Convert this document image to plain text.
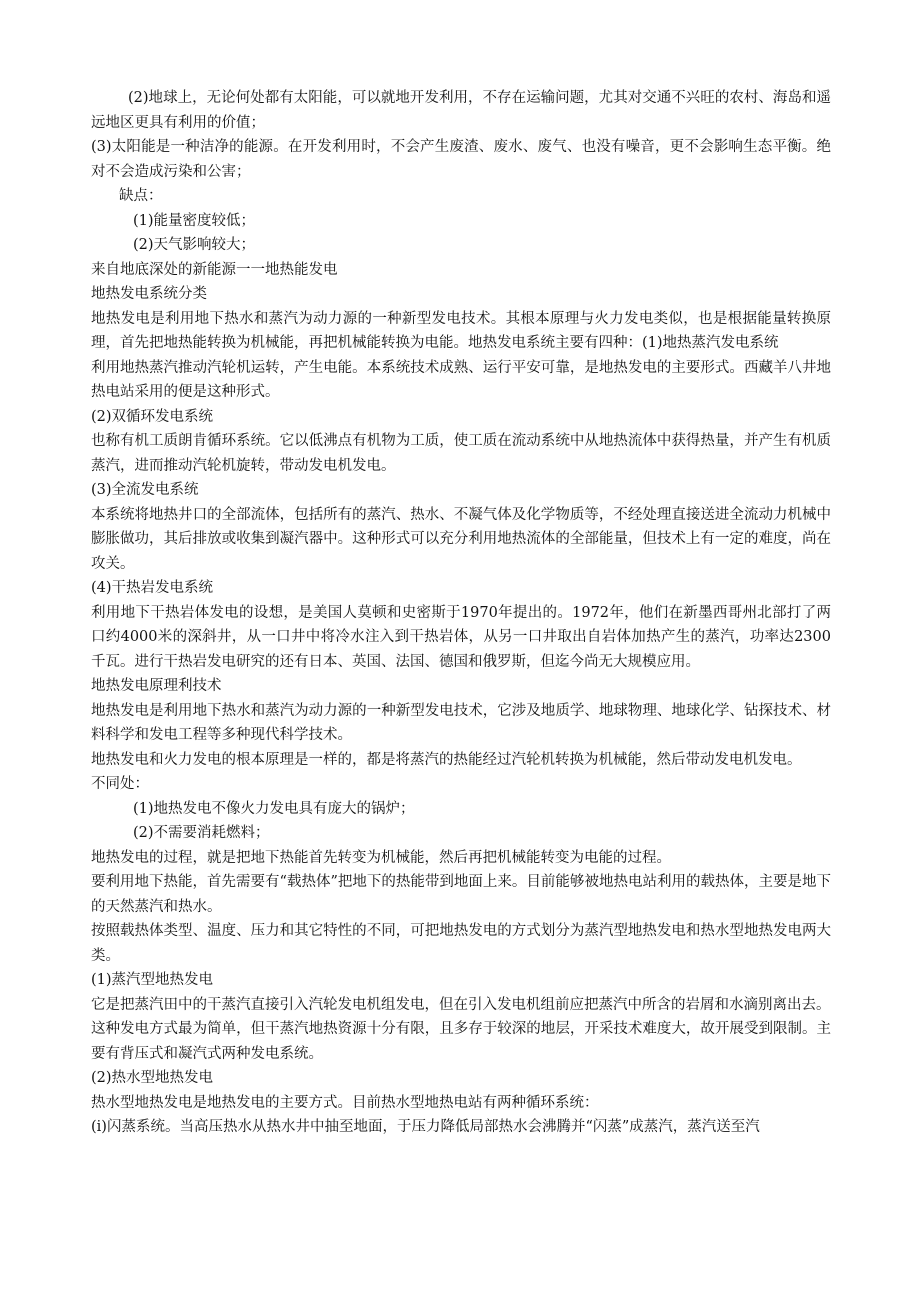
(2)地球上，无论何处都有太阳能，可以就地开发利用，不存在运输问题，尤其对交通不兴旺的农村、海岛和遥远地区更具有利用的价值；

(3)太阳能是一种洁净的能源。在开发利用时，不会产生废渣、废水、废气、也没有噪音，更不会影响生态平衡。绝对不会造成污染和公害；

缺点：

(1)能量密度较低；

(2)天气影响较大；

来自地底深处的新能源一一地热能发电

地热发电系统分类

地热发电是利用地下热水和蒸汽为动力源的一种新型发电技术。其根本原理与火力发电类似，也是根据能量转换原理，首先把地热能转换为机械能，再把机械能转换为电能。地热发电系统主要有四种：(1)地热蒸汽发电系统

利用地热蒸汽推动汽轮机运转，产生电能。本系统技术成熟、运行平安可靠，是地热发电的主要形式。西藏羊八井地热电站采用的便是这种形式。

(2)双循环发电系统

也称有机工质朗肯循环系统。它以低沸点有机物为工质，使工质在流动系统中从地热流体中获得热量，并产生有机质蒸汽，进而推动汽轮机旋转，带动发电机发电。

(3)全流发电系统

本系统将地热井口的全部流体，包括所有的蒸汽、热水、不凝气体及化学物质等，不经处理直接送进全流动力机械中膨胀做功，其后排放或收集到凝汽器中。这种形式可以充分利用地热流体的全部能量，但技术上有一定的难度，尚在攻关。

(4)干热岩发电系统

利用地下干热岩体发电的设想，是美国人莫顿和史密斯于1970年提出的。1972年，他们在新墨西哥州北部打了两口约4000米的深斜井，从一口井中将冷水注入到干热岩体，从另一口井取出自岩体加热产生的蒸汽，功率达2300千瓦。进行干热岩发电研究的还有日本、英国、法国、德国和俄罗斯，但迄今尚无大规模应用。

地热发电原理利技术

地热发电是利用地下热水和蒸汽为动力源的一种新型发电技术，它涉及地质学、地球物理、地球化学、钻探技术、材料科学和发电工程等多种现代科学技术。

地热发电和火力发电的根本原理是一样的，都是将蒸汽的热能经过汽轮机转换为机械能，然后带动发电机发电。

不同处：

(1)地热发电不像火力发电具有庞大的锅炉；

(2)不需要消耗燃料；

地热发电的过程，就是把地下热能首先转变为机械能，然后再把机械能转变为电能的过程。

要利用地下热能，首先需要有“载热体”把地下的热能带到地面上来。目前能够被地热电站利用的载热体，主要是地下的天然蒸汽和热水。

按照载热体类型、温度、压力和其它特性的不同，可把地热发电的方式划分为蒸汽型地热发电和热水型地热发电两大类。

(1)蒸汽型地热发电

它是把蒸汽田中的干蒸汽直接引入汽轮发电机组发电，但在引入发电机组前应把蒸汽中所含的岩屑和水滴别离出去。

这种发电方式最为简单，但干蒸汽地热资源十分有限，且多存于较深的地层，开采技术难度大，故开展受到限制。主要有背压式和凝汽式两种发电系统。

(2)热水型地热发电

热水型地热发电是地热发电的主要方式。目前热水型地热电站有两种循环系统：

(i)闪蒸系统。当高压热水从热水井中抽至地面，于压力降低局部热水会沸腾并“闪蒸”成蒸汽，蒸汽送至汽
